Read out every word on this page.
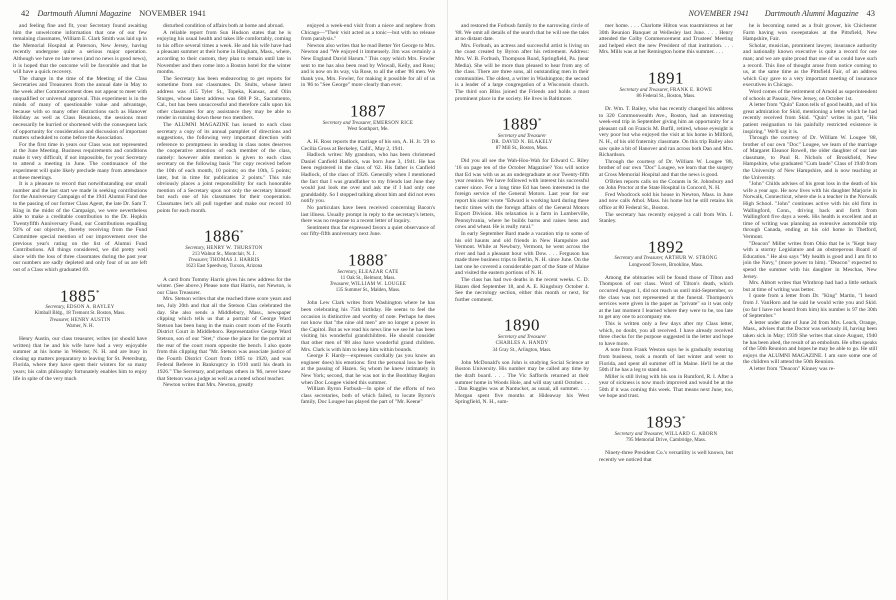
42 Dartmouth Alumni Magazine NOVEMBER 1941

and feeling fine and fit, your Secretary found awaiting him the unwelcome information that one of our few remaining classmates, William E. Clark Smith was laid up in the Memorial Hospital at Paterson, New Jersey, having recently undergone quite a serious major operation. Although we have no late news (and no news is good news), it is hoped that the outcome will be favorable and that he will have a quick recovery.

The change in the time of the Meeting of the Class Secretaries and Treasurers from the annual date in May to the week after Commencement does not appear to meet with unqualified or universal approval. This experiment is in the minds of many of questionable value and advantage, because with so many other distractions such as Hanover Holiday as well as Class Reunions, the sessions must necessarily be hurried or shortened with the consequent lack of opportunity for consideration and discussion of important matters scheduled to come before the Association.

For the first time in years our Class was not represented at the June Meeting. Business requirements and conditions make it very difficult, if not impossible, for your Secretary to attend a meeting in June. The continuance of the experiment will quite likely preclude many from attendance at these meetings.

It is a pleasure to record that notwithstanding our small number and the last start we made in seeking contributions for the Anniversary Campaign of the 1941 Alumni Fund due to the passing of our former Class Agent, the late Dr. Sam T. King in the midst of the Campaign, we were nevertheless able to make a creditable contribution to the Dr. Hopkin Twentyfifth Anniversary Fund, our Contributions equalling 93% of our objective, thereby receiving from the Fund Committee special mention of our improvement over the previous year's rating on the list of Alumni Fund Contributions. All things considered, we did pretty well since with the loss of three classmates during the past year our numbers are sadly depleted and only four of us are left out of a Class which graduated 69.

1885*
Secretary, EDSON A. BAYLEY
Kimball Bldg., 18 Tremont St. Boston, Mass.
Treasurer, HENRY AUSTIN
Warner, N. H.

Henry Austin, our class treasurer, writes (or should have written) that he and his wife have had a very enjoyable summer at his home in Webster, N. H. and are busy in closing up matters preparatory to leaving for St. Petersburg, Florida, where they have spent their winters for so many years; his calm philosophy fortunately enables him to enjoy life in spite of the very much

disturbed condition of affairs both at home and abroad.

A reliable report from Sun Hudson states that he is enjoying his usual health and takes life comfortably, coming to his office several times a week. He and his wife have had a pleasant summer at their home in Hingham, Mass., where, according to their custom, they plan to remain until late in November and then come into a Boston hotel for the winter months.

The Secretary has been endeavoring to get reports for sometime from our classmates. Dr. Stults, whose latest address was 415 Tyler St., Topeka, Kansas, and Olin Sturges, whose latest address was 608 P St., Sacramento, Cal., but has been unsuccessful and therefore calls upon his other classmates for any assistance they may be able to render in running down these two members.

The ALUMNI MAGAZINE has issued to each class secretary a copy of its annual pamphlet of directions and suggestions, the following very important direction with reference to promptness in sending in class notes deserves the cooperative attention of each member of the class, namely: however able mention is given to each class secretary on the following basis "for copy received before the 10th of each month, 10 points; on the 10th, 5 points; later, but in time for publication 2 points." This rule obviously places a joint responsibility for such honorable mention of a Secretary upon not only the secretary himself but each one of his classmates for their cooperation. Classmates let's all pull together and make our record 10 points for each month.

1886*
Secretary, HENRY W. THURSTON
213 Walnut St., Montclair, N. J.
Treasurer, THOMAS J. HARRIS
1623 East Speedway, Tucson, Arizona

A card from Tommy Harris gives his new address for the winter. (See above.) Please note that Harris, not Newton, is our Class Treasurer.

Mrs. Stetson writes that she reached three score years and ten, July 20th and that all the Stetson Clan celebrated the day. She also sends a Middlebury, Mass., newspaper clipping which tells us that a portrait of George Ward Stetson has been hung in the main court room of the Fourth District Court in Middleboro. Representative George Ward Stetson, son of our "Stet," chose the place for the portrait at the rear of the court room opposite the bench. I also quote from this clipping that "Mr. Stetson was associate justice of the Fourth District Court from 1895 to 1920, and was Federal Referee in Bankruptcy in 1910 until his death in 1926." The Secretary, and perhaps others in '86, never knew that Stetson was a judge as well as a noted school teacher.

Newton writes that Mrs. Newton, greatly

enjoyed a week-end visit from a niece and nephew from Chicago—"Their visit acted as a tonic—but with no release from paralysis."

Newton also writes that he read Better Yet George to Mrs. Newton and "We enjoyed it immensely. Jim was certainly a New England David Harum." This copy which Mrs. Fowler sent to me has also been read by Wiswall, Kelly, and Ross; and is now on its way, via Rose, to all the other '86 men. We thank you, Mrs. Fowler, for making it possible for all of us in '86 to "See George" more clearly than ever.

1887
Secretary and Treasurer, EMERSON RICE
West Southport, Me.

A. H. Ross reports the marriage of his son, A. H. Jr. '29 to Cecilia Gross at Berkeley, Calif., May 2, 1941.

Hadlock writes: My grandson, who has been christened Daniel Canfield Hadlock, was born June 3, 1941. He has been registered in the class of '62. His father is Canfield Hadlock, of the class of 1926. Generally when I mentioned the fact that I was grandfather to my friends last June they would just look me over and ask me if I had only one granddaddy. So I stopped talking about him and did not even notify you.

No particulars have been received concerning Bacon's last illness. Usually prompt in reply to the secretary's letters, there was no response to a recent letter of inquiry.

Sentiment thus far expressed favors a quiet observance of our fifty-fifth anniversary next June.

1888*
Secretary, ELEAZAR CATE
11 Oak St., Belmont, Mass.
Treasurer, WILLIAM W. LOUGEE
135 Summer St., Malden, Mass.

John Lew Clark writes from Washington where he has been celebrating his 75th birthday. He seems to feel the occasion is distinctive and worthy of note. Perhaps he does not know that "the nine old men" are no longer a power in the Capitol. But as we read his news line we see he has been visiting his wonderful grandchildren. He should consider that other men of '88 also have wonderful grand children. Mrs. Clark is with him to keep him within bounds.

George F. Hardy—expresses cordially (as you know an engineer does) his emotions: first the personal loss he feels at the passing of Hazen. Sq whom he knew intimately in New York; second, that he was not in the Boothbay Region when Doc Lougee visited this summer.

William Byron Forbush—In spite of the efforts of two class secretaries, both of which failed, to locate Byron's family, Doc Lougee has played the part of "Mr. Keene"

NOVEMBER 1941 Dartmouth Alumni Magazine 43

and restored the Forbush family to the narrowing circle of '88. We omit all details of the search that he will see the tales at no distant date.

Mrs. Forbush, an actress and successful artist is living on the coast created by Byron after his retirement. Address: Mrs. W. B. Forbush, Thompson Road, Springfield, Pa. (near Media). She will be more than pleased to hear from any of the class. There are three sons, all outstanding men in their communities. The oldest, a writer in Washington; the second is a leader of a large congregation of a Wisconsin church. The third son Bliss joined the Friends and holds a most prominent place in the society. He lives in Baltimore.

1889*
Secretary and Treasurer
DR. DAVID N. BLAKELY
87 Mill St., Boston, Mass.

Did you all see the Wah-Hoo-Wah for Edward C. Riley '16 on page ten of the October Magazine? You will notice that Ed was with us as an undergraduate at our Twenty-fifth year reunion. We have followed with interest his successful career since. For a long time Ed has been interested in the foreign service of the General Motors. Last year for our report his sister wrote "Edward is working hard during these hectic times with the foreign affairs of the General Motors Export Division. His relaxation is a farm in Lumberville, Pennsylvania, where he builds barns and raises hens and cows and wheat. He is really rural."

In early September Bard made a vacation trip to some of his old haunts and old friends in New Hampshire and Vermont. While at Newbury, Vermont, he went across the river and had a pleasant hour with Dow. . . . Ferguson has made three business trips to Berlin, N. H. since June. On the last one he covered a considerable part of the State of Maine and visited the eastern portions of N. H.

The class has had two deaths in the recent weeks. C. D. Hazen died September 18, and A. E. Kingsbury October 4. See the necrology section, either this month or next, for further comment.

1890
Secretary and Treasurer
CHARLES A. HANDY
34 Gray St., Arlington, Mass.

John McDonald's son John is studying Social Science at Boston University. His number may be called any time by the draft board. . . . The Vic Saffords returned at their summer home in Woods Hole, and will stay until October. . . . Dan Ruggles was at Nantucket, as usual, all summer. . . . Morgan spent five months at Hideaway his West Springfield, N. H., sum-

mer home. . . . Charlotte Hilton was toastmistress at her 30th Reunion Banquet at Wellesley last June. . . . Henry attended the Colby Commencement and Trustees' Meeting and helped elect the new President of that institution. . . . Mrs. Mills was at her Remington home this summer. . . .

1891
Secretary and Treasurer, FRANK E. ROWE
86 Federal St., Boston, Mass.

Dr. Wm. T. Bailey, who has recently changed his address to 320 Commonwealth Ave., Boston, had an interesting week-end trip in September giving him an opportunity for a pleasant call on Francis M. Butfil, retired, whose eyesight is very poor but who enjoyed the visit at his home in Milford, N. H., of his old fraternity classmate. On this trip Bailey also saw quite a bit of Hanover and ran across both Dan and Mrs. Richardson.

Through the courtesy of Dr. William W. Lougee '88, brother of our own "Doc" Lougee, we learn that the surgery at Cross Memorial Hospital and that the news is good.

O'Brien reports calls on the Corants in St. Johnsbury and on John Proctor at the State Hospital in Concord, N. H.

Fred Woodcock sold his house in Newton, Mass. in June and now calls Athol. Mass. his home but he still retains his office at 80 Federal St., Boston.

The secretary has recently enjoyed a call from Wm. I. Stanley.

1892
Secretary and Treasurer, ARTHUR W. STRONG
Longwood Towers, Brookline, Mass.

Among the obituaries will be found those of Tilton and Thompson of our class. Word of Tilton's death, which occurred August 1, did not reach us until mid-September, so the class was not represented at the funeral. Thompson's services were given in the paper as "private" so it was only at the last moment I learned where they were to be, too late to get any one to accompany me.

This is written only a few days after my Class letter, which, no doubt, you all received. I have already received three checks for the purpose suggested in the letter and hope to have more.

A note from Frank Weston says he is gradually restoring from business, took a month of last winter and went to Florida, and spent all summer off in Maine. He'll be at the 50th if he has a leg to stand on.

Miller is still living with his son in Rumford, R. I. After a year of sickness is now much improved and would be at the 50th if it was coming this week. That means next June, too, we hope and trust.

1893*
Secretary and Treasurer, WILLARD G. ABORN
795 Memorial Drive, Cambridge, Mass.

Ninety-three President Co.'s versatility is well known, but recently we noticed that

he is becoming noted as a fruit grower, his Chichester Farm having won sweepstakes at the Pittsfield, New Hampshire, Fair.

Scholar, musician, prominent lawyer, insurance authority and nationally known executive is quite a record for one man; and we are quite proud that one of us could have such a record. This line of thought arose from notice coming to us, at the same time as the Pittsfield Fair, of an address which Guy gave to a very important meeting of insurance executives in Chicago.

Word comes of the retirement of Arnold as superintendent of schools at Passaic, New Jersey, on October 1st.

A letter from "Quin" Eaton tells of good health, and of his great admiration for Skid, mentioning a letter which he had recently received from Skid. "Quin" writes in part, "His patient resignation to his painfully restricted existence is inspiring." We'll say it is.

Through the courtesy of Dr. William W. Lougee '88, brother of our own "Doc" Lougee, we learn of the marriage of Margaret Eleanor Rowell, the older daughter of our late classmate, to Paul R. Nichols of Brookfield, New Hampshire, who graduated "Cum laude" Class of 1940 from the University of New Hampshire, and is now teaching at the University.

"John" Childs advises of his great loss in the death of his wife a year ago. He now lives with his daughter Marjorie in Norwalk, Connecticut, where she is a teacher in the Norwalk High School. "John" continues active with his old firm in Wallingford, Conn., driving back and forth from Wallingford five days a week. His health is excellent and at time of writing was planning an extensive automobile trip through Canada, ending at his old home in Thetford, Vermont.

"Deacon" Miller writes from Ohio that he is "Kept busy with a stormy Legislature and an obstreperous Board of Education." He also says "My health is good and I am fit to join the Navy," (more power to him). "Deacon" expected to spend the summer with his daughter in Meschas, New Jersey.

Mrs. Abbott writes that Winthrop had had a little setback but at time of writing was better.

I quote from a letter from Dr. "King" Martin, "I heard from J. VanHorn and he said he would write you and Skid. (so far I have not heard from him) his number is 97 the 30th of September."

A letter under date of June 2d from Mrs. Leach, Orange, Mass., advises that the Doctor was seriously ill, having been taken sick in May; 1939 She writes that since August, 1940 he has been abed, the result of an embolism. He often speaks of the 50th Reunion and hopes he may be able to go. He still enjoys the ALUMNI MAGAZINE. I am sure some one of the children will attend the 50th Reunion.

A letter from "Deacon" Kinney was re-
